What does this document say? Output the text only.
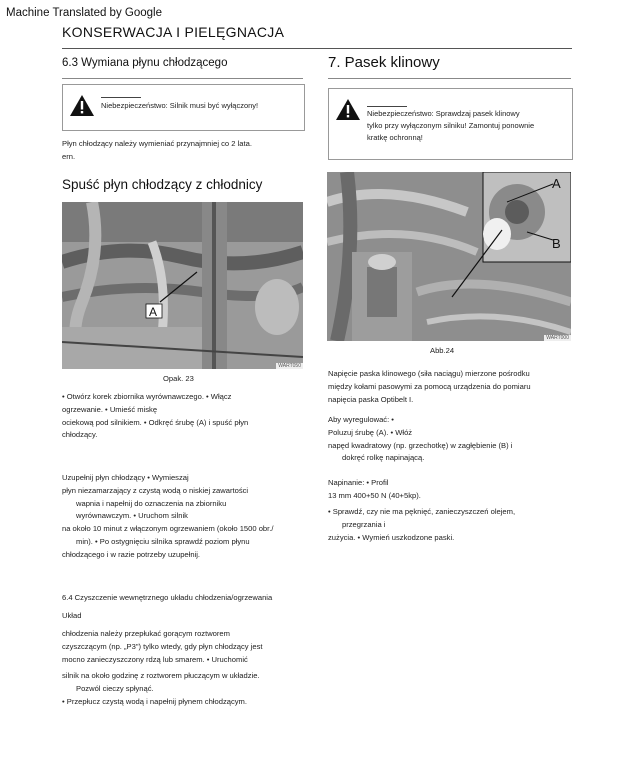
Machine Translated by Google
KONSERWACJA I PIELĘGNACJA
6.3 Wymiana płynu chłodzącego
Niebezpieczeństwo: Silnik musi być wyłączony!
Płyn chłodzący należy wymieniać przynajmniej co 2 lata.
ern.
Spuść płyn chłodzący z chłodnicy
A
WART050
Opak. 23
• Otwórz korek zbiornika wyrównawczego. • Włącz
ogrzewanie. • Umieść miskę
ociekową pod silnikiem. • Odkręć śrubę (A) i spuść płyn
chłodzący.
Uzupełnij płyn chłodzący • Wymieszaj
płyn niezamarzający z czystą wodą o niskiej zawartości
wapnia i napełnij do oznaczenia na zbiorniku
wyrównawczym. • Uruchom silnik
na około 10 minut z włączonym ogrzewaniem (około 1500 obr./
min). • Po ostygnięciu silnika sprawdź poziom płynu
chłodzącego i w razie potrzeby uzupełnij.
6.4 Czyszczenie wewnętrznego układu chłodzenia/ogrzewania
Układ
chłodzenia należy przepłukać gorącym roztworem
czyszczącym (np. „P3") tylko wtedy, gdy płyn chłodzący jest
mocno zanieczyszczony rdzą lub smarem. • Uruchomić
silnik na około godzinę z roztworem płuczącym w układzie.
Pozwól cieczy spłynąć.
• Przepłucz czystą wodą i napełnij płynem chłodzącym.
7. Pasek klinowy
Niebezpieczeństwo: Sprawdzaj pasek klinowy
tylko przy wyłączonym silniku! Zamontuj ponownie
kratkę ochronną!
A
B
WART000
Abb.24
Napięcie paska klinowego (siła naciągu) mierzone pośrodku
między kołami pasowymi za pomocą urządzenia do pomiaru
napięcia paska Optibelt I.
Aby wyregulować: •
Poluzuj śrubę (A). • Włóż
napęd kwadratowy (np. grzechotkę) w zagłębienie (B) i
dokręć rolkę napinającą.
Napinanie: • Profil
13 mm 400+50 N (40+5kp).
• Sprawdź, czy nie ma pęknięć, zanieczyszczeń olejem,
przegrzania i
zużycia. • Wymień uszkodzone paski.
